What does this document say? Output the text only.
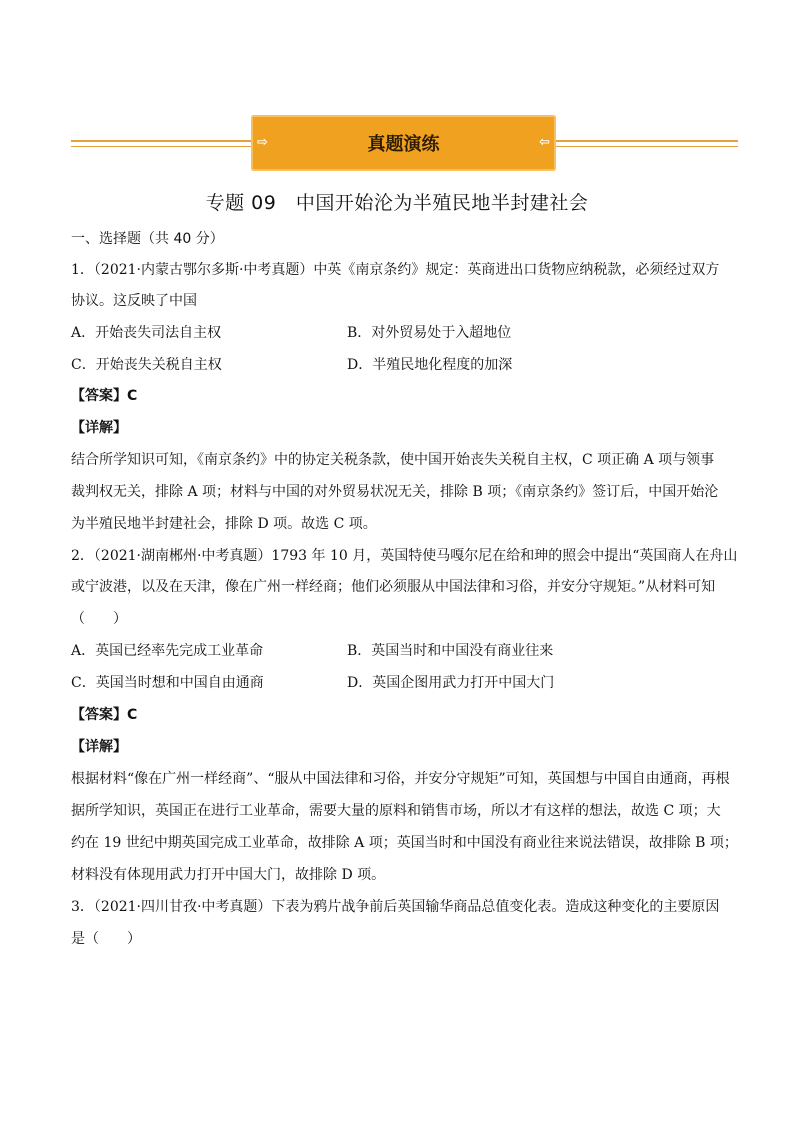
⇨	真题演练	⇦
专题 09　中国开始沦为半殖民地半封建社会
一、选择题（共 40 分）
1．（2021·内蒙古鄂尔多斯·中考真题）中英《南京条约》规定：英商进出口货物应纳税款，必须经过双方
协议。这反映了中国
A．开始丧失司法自主权	B．对外贸易处于入超地位
C．开始丧失关税自主权	D．半殖民地化程度的加深
【答案】C
【详解】
结合所学知识可知，《南京条约》中的协定关税条款，使中国开始丧失关税自主权，C 项正确 A 项与领事
裁判权无关，排除 A 项；材料与中国的对外贸易状况无关，排除 B 项；《南京条约》签订后，中国开始沦
为半殖民地半封建社会，排除 D 项。故选 C 项。
2．（2021·湖南郴州·中考真题）1793 年 10 月，英国特使马嘎尔尼在给和珅的照会中提出“英国商人在舟山
或宁波港，以及在天津，像在广州一样经商；他们必须服从中国法律和习俗，并安分守规矩。”从材料可知
（　　）
A．英国已经率先完成工业革命	B．英国当时和中国没有商业往来
C．英国当时想和中国自由通商	D．英国企图用武力打开中国大门
【答案】C
【详解】
根据材料“像在广州一样经商”、“服从中国法律和习俗，并安分守规矩”可知，英国想与中国自由通商，再根
据所学知识，英国正在进行工业革命，需要大量的原料和销售市场，所以才有这样的想法，故选 C 项；大
约在 19 世纪中期英国完成工业革命，故排除 A 项；英国当时和中国没有商业往来说法错误，故排除 B 项；
材料没有体现用武力打开中国大门，故排除 D 项。
3．（2021·四川甘孜·中考真题）下表为鸦片战争前后英国输华商品总值变化表。造成这种变化的主要原因
是（　　）
